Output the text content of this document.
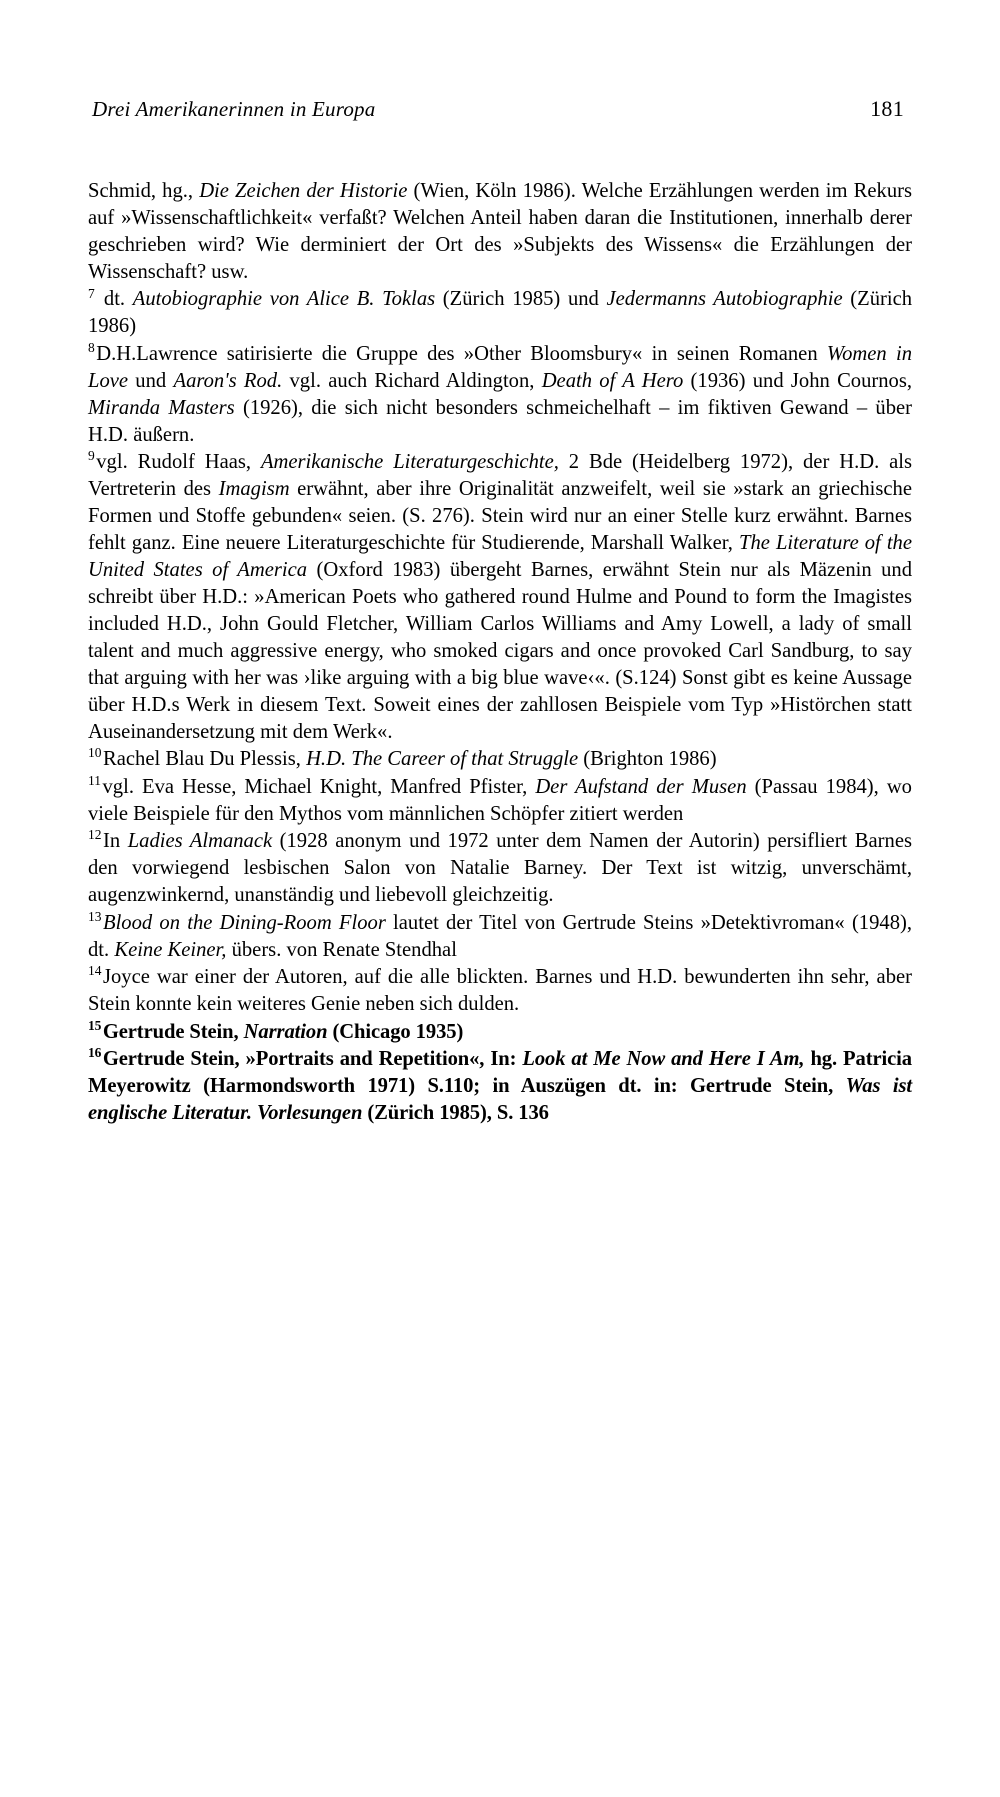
Drei Amerikanerinnen in Europa	181

Schmid, hg., Die Zeichen der Historie (Wien, Köln 1986). Welche Erzählungen werden im Rekurs auf »Wissenschaftlichkeit« verfaßt? Welchen Anteil haben daran die Institutionen, innerhalb derer geschrieben wird? Wie derminiert der Ort des »Subjekts des Wissens« die Erzählungen der Wissenschaft? usw.

$^7$ dt. Autobiographie von Alice B. Toklas (Zürich 1985) und Jedermanns Autobiographie (Zürich 1986)

$^8$D.H.Lawrence satirisierte die Gruppe des »Other Bloomsbury« in seinen Romanen Women in Love und Aaron's Rod. vgl. auch Richard Aldington, Death of A Hero (1936) und John Cournos, Miranda Masters (1926), die sich nicht besonders schmeichelhaft – im fiktiven Gewand – über H.D. äußern.

$^9$vgl. Rudolf Haas, Amerikanische Literaturgeschichte, 2 Bde (Heidelberg 1972), der H.D. als Vertreterin des Imagism erwähnt, aber ihre Originalität anzweifelt, weil sie »stark an griechische Formen und Stoffe gebunden« seien. (S. 276). Stein wird nur an einer Stelle kurz erwähnt. Barnes fehlt ganz. Eine neuere Literaturgeschichte für Studierende, Marshall Walker, The Literature of the United States of America (Oxford 1983) übergeht Barnes, erwähnt Stein nur als Mäzenin und schreibt über H.D.: »American Poets who gathered round Hulme and Pound to form the Imagistes included H.D., John Gould Fletcher, William Carlos Williams and Amy Lowell, a lady of small talent and much aggressive energy, who smoked cigars and once provoked Carl Sandburg, to say that arguing with her was ›like arguing with a big blue wave‹«. (S.124) Sonst gibt es keine Aussage über H.D.s Werk in diesem Text. Soweit eines der zahllosen Beispiele vom Typ »Histörchen statt Auseinandersetzung mit dem Werk«.

$^{10}$Rachel Blau Du Plessis, H.D. The Career of that Struggle (Brighton 1986)

$^{11}$vgl. Eva Hesse, Michael Knight, Manfred Pfister, Der Aufstand der Musen (Passau 1984), wo viele Beispiele für den Mythos vom männlichen Schöpfer zitiert werden

$^{12}$In Ladies Almanack (1928 anonym und 1972 unter dem Namen der Autorin) persifliert Barnes den vorwiegend lesbischen Salon von Natalie Barney. Der Text ist witzig, unverschämt, augenzwinkernd, unanständig und liebevoll gleichzeitig.

$^{13}$Blood on the Dining-Room Floor lautet der Titel von Gertrude Steins »Detektivroman« (1948), dt. Keine Keiner, übers. von Renate Stendhal

$^{14}$Joyce war einer der Autoren, auf die alle blickten. Barnes und H.D. bewunderten ihn sehr, aber Stein konnte kein weiteres Genie neben sich dulden.

$^{15}$Gertrude Stein, Narration (Chicago 1935)

$^{16}$Gertrude Stein, »Portraits and Repetition«, In: Look at Me Now and Here I Am, hg. Patricia Meyerowitz (Harmondsworth 1971) S.110; in Auszügen dt. in: Gertrude Stein, Was ist englische Literatur. Vorlesungen (Zürich 1985), S. 136
